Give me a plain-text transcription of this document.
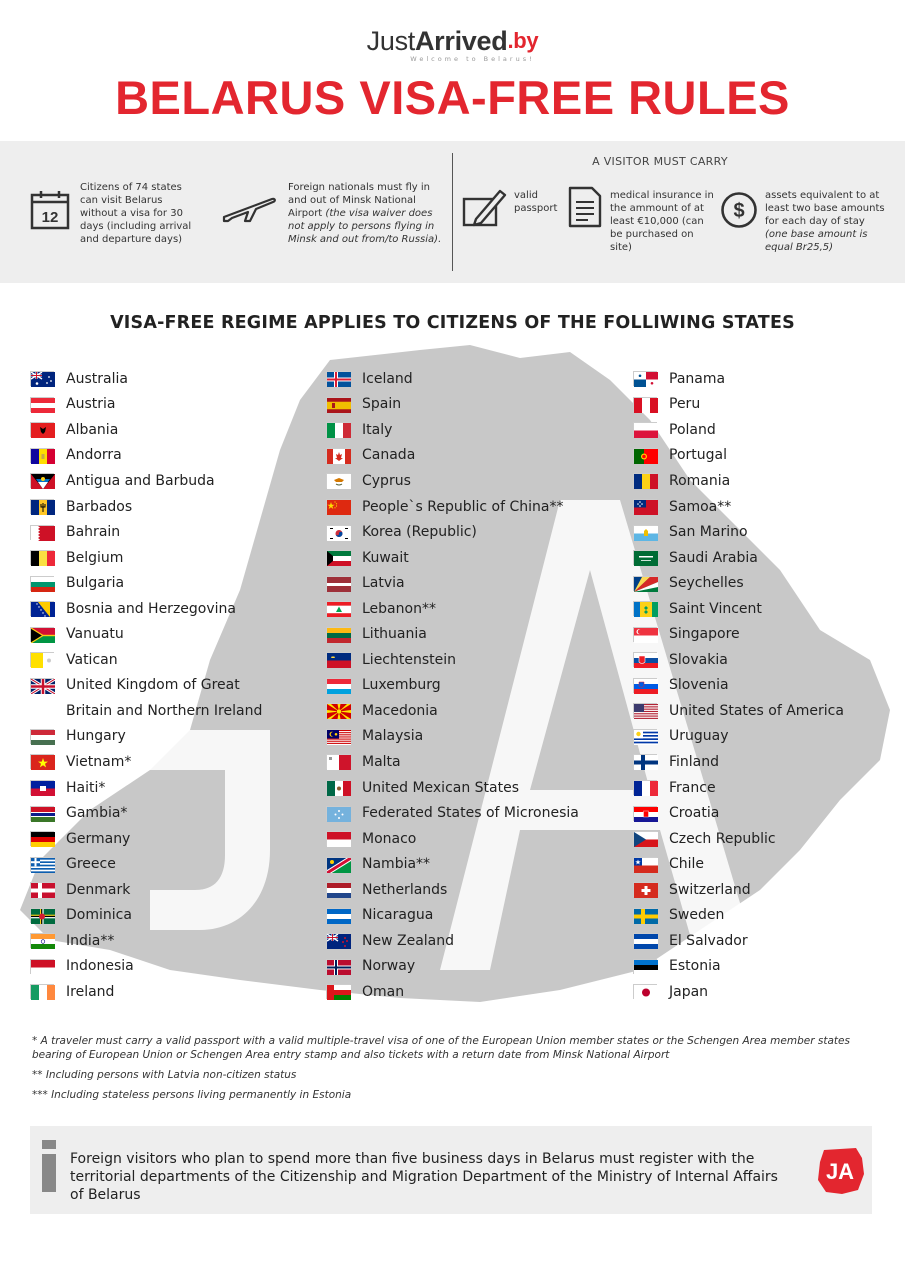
JustArrived.by
Welcome to Belarus!
BELARUS VISA-FREE RULES
12
Citizens of 74 states can visit Belarus without a visa for 30 days (including arrival and departure days)
Foreign nationals must fly in and out of Minsk National Airport (the visa waiver does not apply to persons flying in Minsk and out from/to Russia).
A VISITOR MUST CARRY
valid passport
medical insurance in the ammount of at least €10,000 (can be purchased on site)
$
assets equivalent to at least two base amounts for each day of stay (one base amount is equal Br25,5)
VISA-FREE REGIME APPLIES TO CITIZENS OF THE FOLLIWING STATES
Australia
Austria
Albania
Andorra
Antigua and Barbuda
Barbados
Bahrain
Belgium
Bulgaria
Bosnia and Herzegovina
Vanuatu
Vatican
United Kingdom of Great
Britain and Northern Ireland
Hungary
Vietnam*
Haiti*
Gambia*
Germany
Greece
Denmark
Dominica
India**
Indonesia
Ireland
Iceland
Spain
Italy
Canada
Cyprus
People`s Republic of China**
Korea (Republic)
Kuwait
Latvia
Lebanon**
Lithuania
Liechtenstein
Luxemburg
Macedonia
Malaysia
Malta
United Mexican States
Federated States of Micronesia
Monaco
Nambia**
Netherlands
Nicaragua
New Zealand
Norway
Oman
Panama
Peru
Poland
Portugal
Romania
Samoa**
San Marino
Saudi Arabia
Seychelles
Saint Vincent
Singapore
Slovakia
Slovenia
United States of America
Uruguay
Finland
France
Croatia
Czech Republic
Chile
Switzerland
Sweden
El Salvador
Estonia
Japan

* A traveler must carry a valid passport with a valid multiple-travel visa of one of the European Union member states or the Schengen Area member states bearing of European Union or Schengen Area entry stamp and also tickets with a return date from Minsk National Airport

** Including persons with Latvia non-citizen status

*** Including stateless persons living permanently in Estonia

Foreign visitors who plan to spend more than five business days in Belarus must register with the territorial departments of the Citizenship and Migration Department of the Ministry of Internal Affairs of Belarus
JA
